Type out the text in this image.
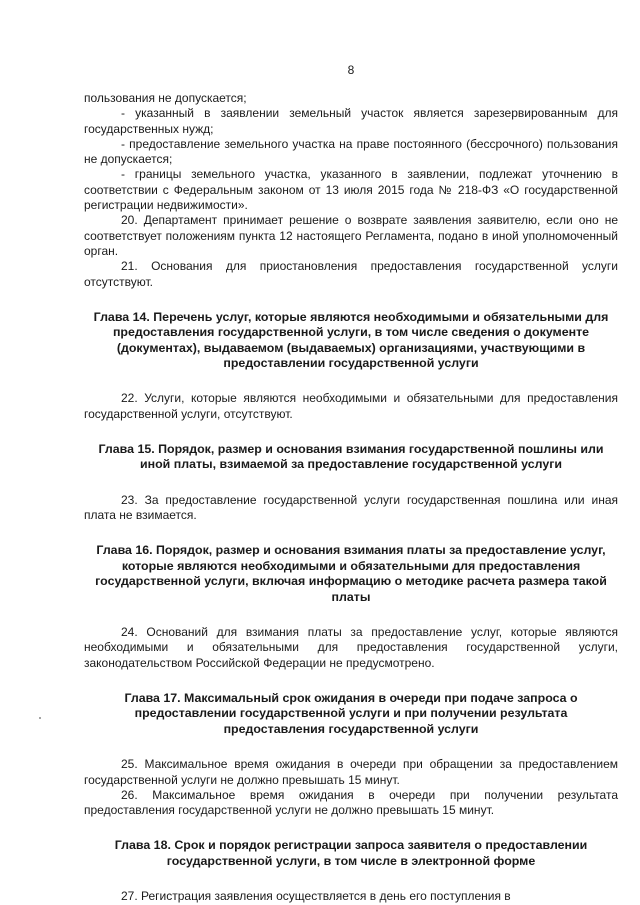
8

пользования не допускается;

- указанный в заявлении земельный участок является зарезервированным для государственных нужд;

- предоставление земельного участка на праве постоянного (бессрочного) пользования не допускается;

- границы земельного участка, указанного в заявлении, подлежат уточнению в соответствии с Федеральным законом от 13 июля 2015 года № 218-ФЗ «О государственной регистрации недвижимости».

20. Департамент принимает решение о возврате заявления заявителю, если оно не соответствует положениям пункта 12 настоящего Регламента, подано в иной уполномоченный орган.

21. Основания для приостановления предоставления государственной услуги отсутствуют.

Глава 14. Перечень услуг, которые являются необходимыми и обязательными для предоставления государственной услуги, в том числе сведения о документе (документах), выдаваемом (выдаваемых) организациями, участвующими в предоставлении государственной услуги

22. Услуги, которые являются необходимыми и обязательными для предоставления государственной услуги, отсутствуют.

Глава 15. Порядок, размер и основания взимания государственной пошлины или иной платы, взимаемой за предоставление государственной услуги

23. За предоставление государственной услуги государственная пошлина или иная плата не взимается.

Глава 16. Порядок, размер и основания взимания платы за предоставление услуг, которые являются необходимыми и обязательными для предоставления государственной услуги, включая информацию о методике расчета размера такой платы

24. Оснований для взимания платы за предоставление услуг, которые являются необходимыми и обязательными для предоставления государственной услуги, законодательством Российской Федерации не предусмотрено.

Глава 17. Максимальный срок ожидания в очереди при подаче запроса о предоставлении государственной услуги и при получении результата предоставления государственной услуги

25. Максимальное время ожидания в очереди при обращении за предоставлением государственной услуги не должно превышать 15 минут.

26. Максимальное время ожидания в очереди при получении результата предоставления государственной услуги не должно превышать 15 минут.

Глава 18. Срок и порядок регистрации запроса заявителя о предоставлении государственной услуги, в том числе в электронной форме

27. Регистрация заявления осуществляется в день его поступления в
